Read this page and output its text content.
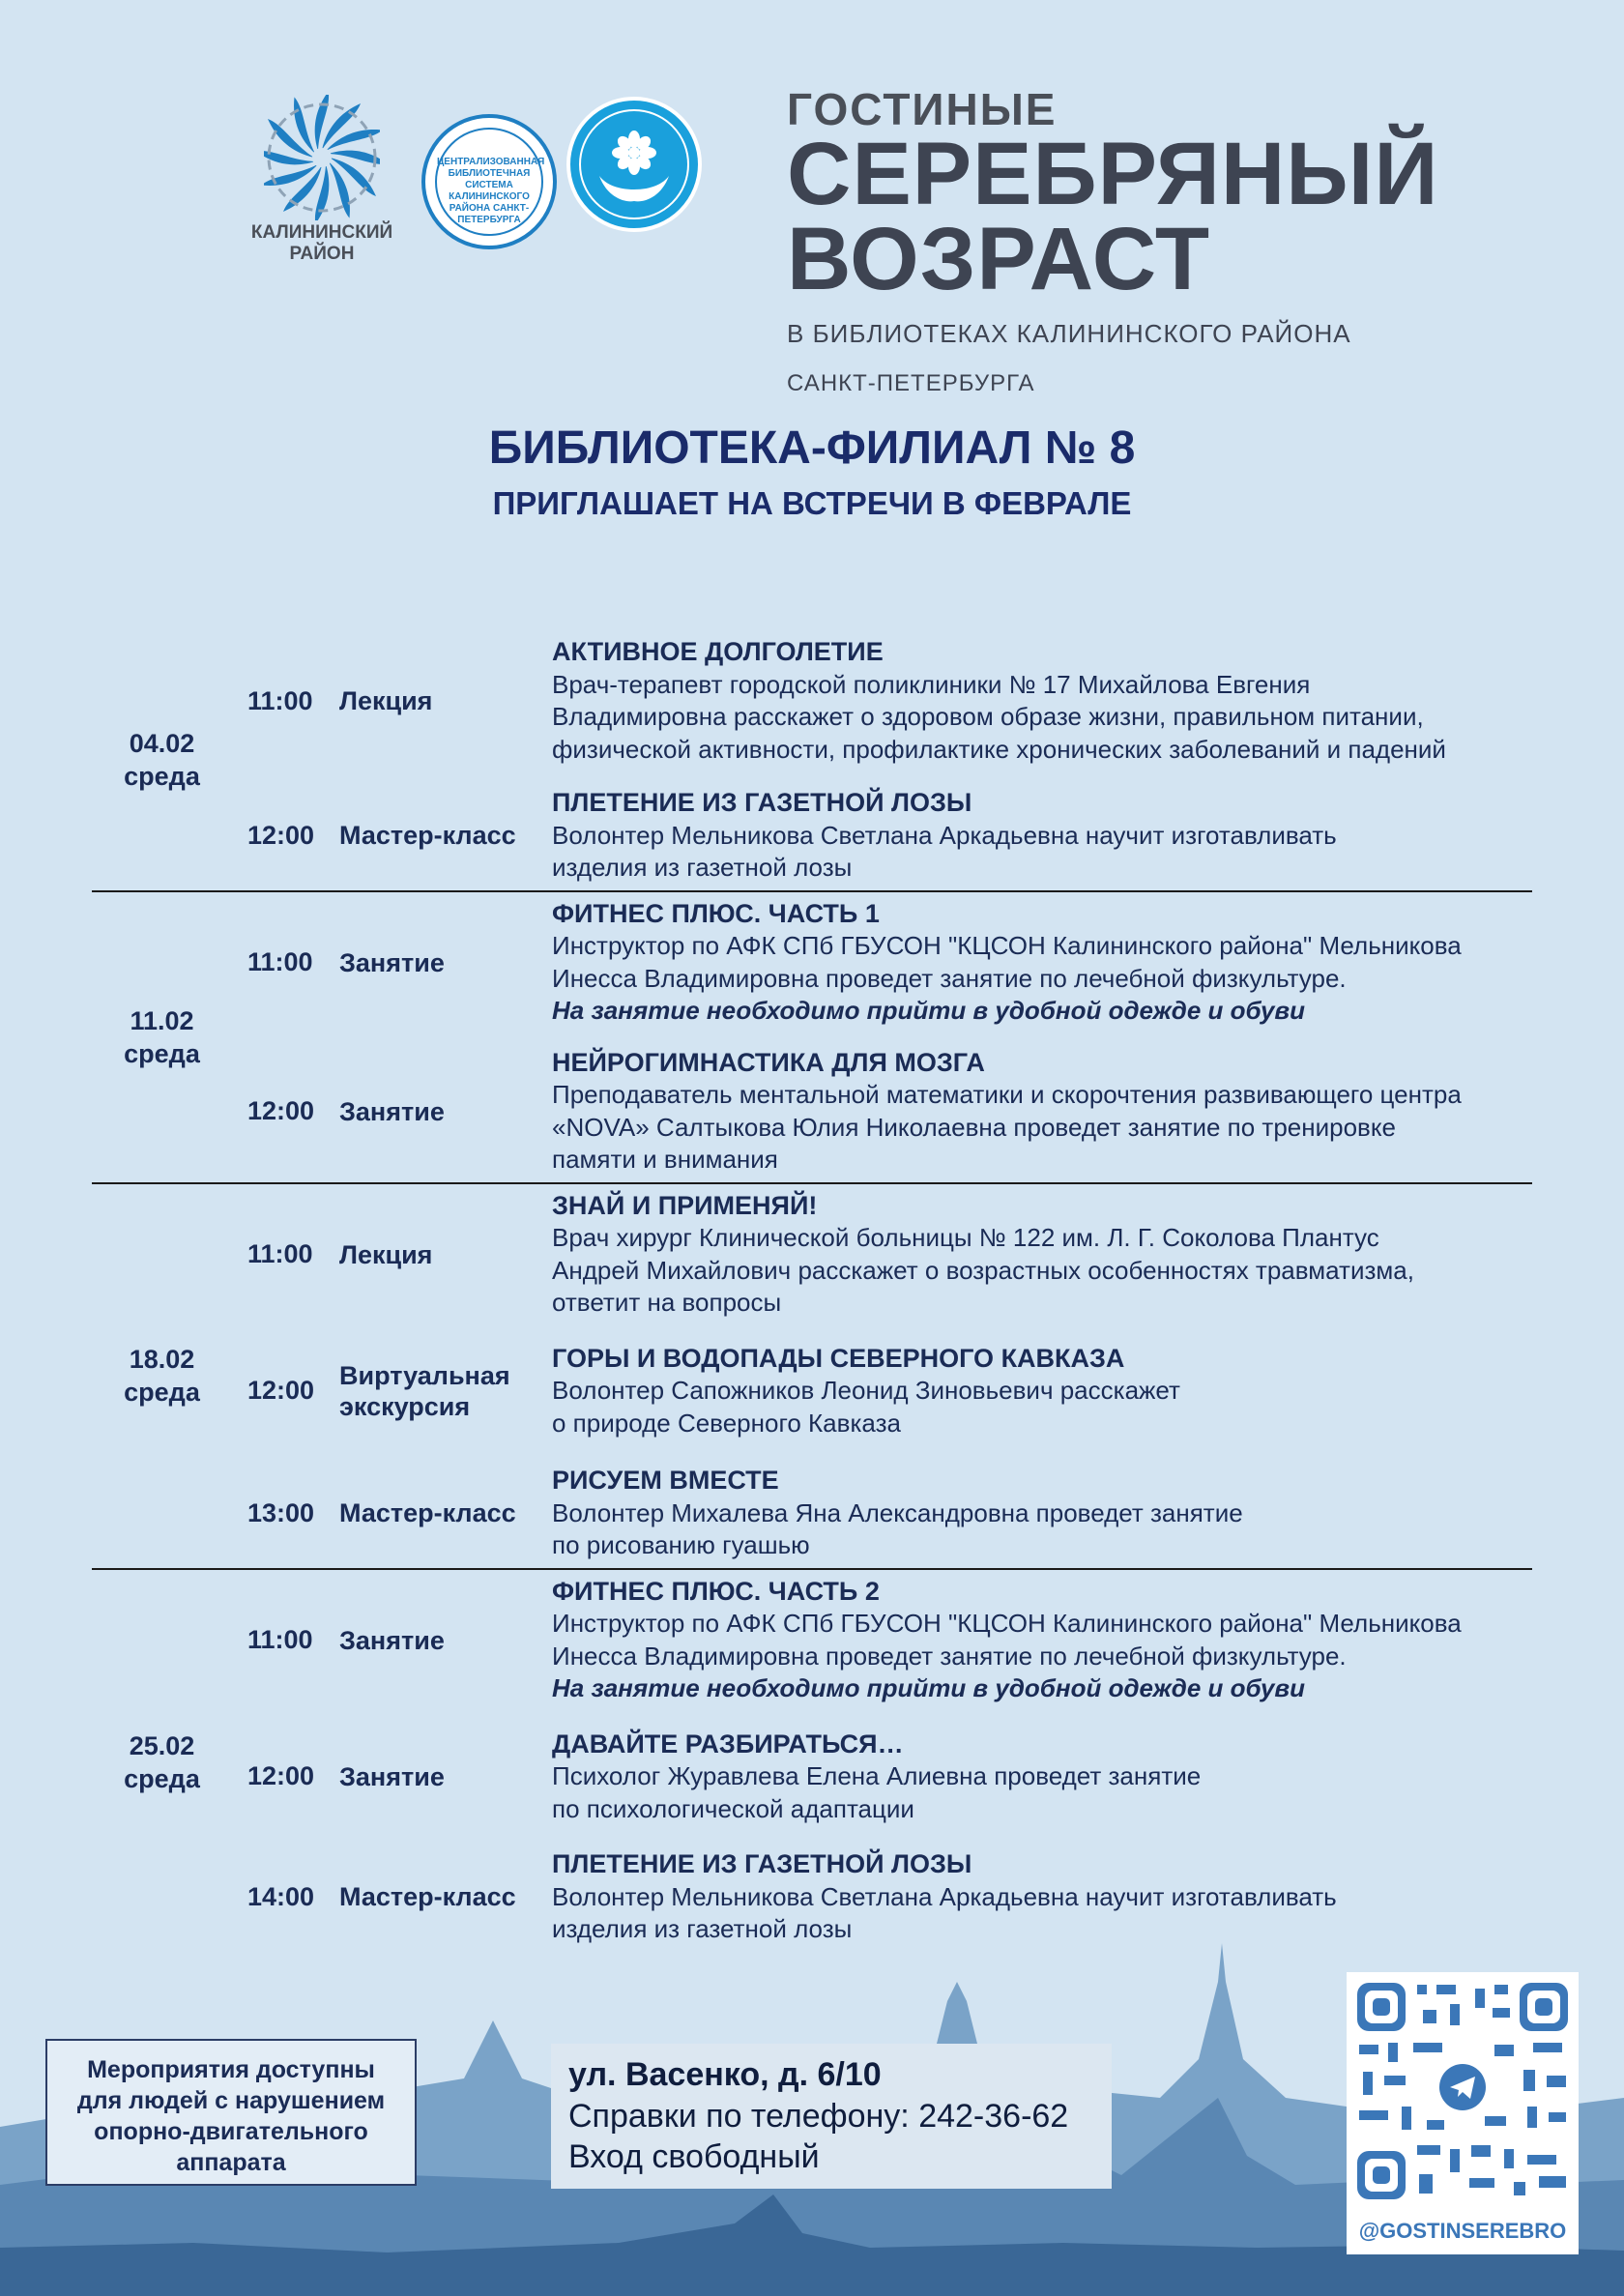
КАЛИНИНСКИЙ
РАЙОН
ЦЕНТРАЛИЗОВАННАЯ БИБЛИОТЕЧНАЯ СИСТЕМА КАЛИНИНСКОГО РАЙОНА САНКТ-ПЕТЕРБУРГА
ГОСТИНЫЕ
СЕРЕБРЯНЫЙ
ВОЗРАСТ
В БИБЛИОТЕКАХ КАЛИНИНСКОГО РАЙОНА
САНКТ-ПЕТЕРБУРГА
БИБЛИОТЕКА-ФИЛИАЛ № 8
ПРИГЛАШАЕТ НА ВСТРЕЧИ В ФЕВРАЛЕ
04.02
среда
11:00	Лекция
АКТИВНОЕ ДОЛГОЛЕТИЕ
Врач-терапевт городской поликлиники № 17 Михайлова Евгения
Владимировна расскажет о здоровом образе жизни, правильном питании,
физической активности, профилактике хронических заболеваний и падений
12:00 Мастер-класс
ПЛЕТЕНИЕ ИЗ ГАЗЕТНОЙ ЛОЗЫ
Волонтер Мельникова Светлана Аркадьевна научит изготавливать
изделия из газетной лозы
11.02
среда
11:00	Занятие
ФИТНЕС ПЛЮС. ЧАСТЬ 1
Инструктор по АФК СПб ГБУСОН "КЦСОН Калининского района" Мельникова
Инесса Владимировна проведет занятие по лечебной физкультуре.
На занятие необходимо прийти в удобной одежде и обуви
12:00 Занятие
НЕЙРОГИМНАСТИКА ДЛЯ МОЗГА
Преподаватель ментальной математики и скорочтения развивающего центра
«NOVA» Салтыкова Юлия Николаевна проведет занятие по тренировке
памяти и внимания
18.02
среда
11:00	Лекция
ЗНАЙ И ПРИМЕНЯЙ!
Врач хирург Клинической больницы № 122 им. Л. Г. Соколова Плантус
Андрей Михайлович расскажет о возрастных особенностях травматизма,
ответит на вопросы
12:00
Виртуальная экскурсия
ГОРЫ И ВОДОПАДЫ СЕВЕРНОГО КАВКАЗА
Волонтер Сапожников Леонид Зиновьевич расскажет
о природе Северного Кавказа
13:00 Мастер-класс
РИСУЕМ ВМЕСТЕ
Волонтер Михалева Яна Александровна проведет занятие
по рисованию гуашью
25.02
среда
11:00	Занятие
ФИТНЕС ПЛЮС. ЧАСТЬ 2
Инструктор по АФК СПб ГБУСОН "КЦСОН Калининского района" Мельникова
Инесса Владимировна проведет занятие по лечебной физкультуре.
На занятие необходимо прийти в удобной одежде и обуви
12:00 Занятие
ДАВАЙТЕ РАЗБИРАТЬСЯ…
Психолог Журавлева Елена Алиевна проведет занятие
по психологической адаптации
14:00 Мастер-класс
ПЛЕТЕНИЕ ИЗ ГАЗЕТНОЙ ЛОЗЫ
Волонтер Мельникова Светлана Аркадьевна научит изготавливать
изделия из газетной лозы
Мероприятия доступны
для людей с нарушением
опорно-двигательного
аппарата
ул. Васенко, д. 6/10
Справки по телефону: 242-36-62
Вход свободный
@GOSTINSEREBRO
